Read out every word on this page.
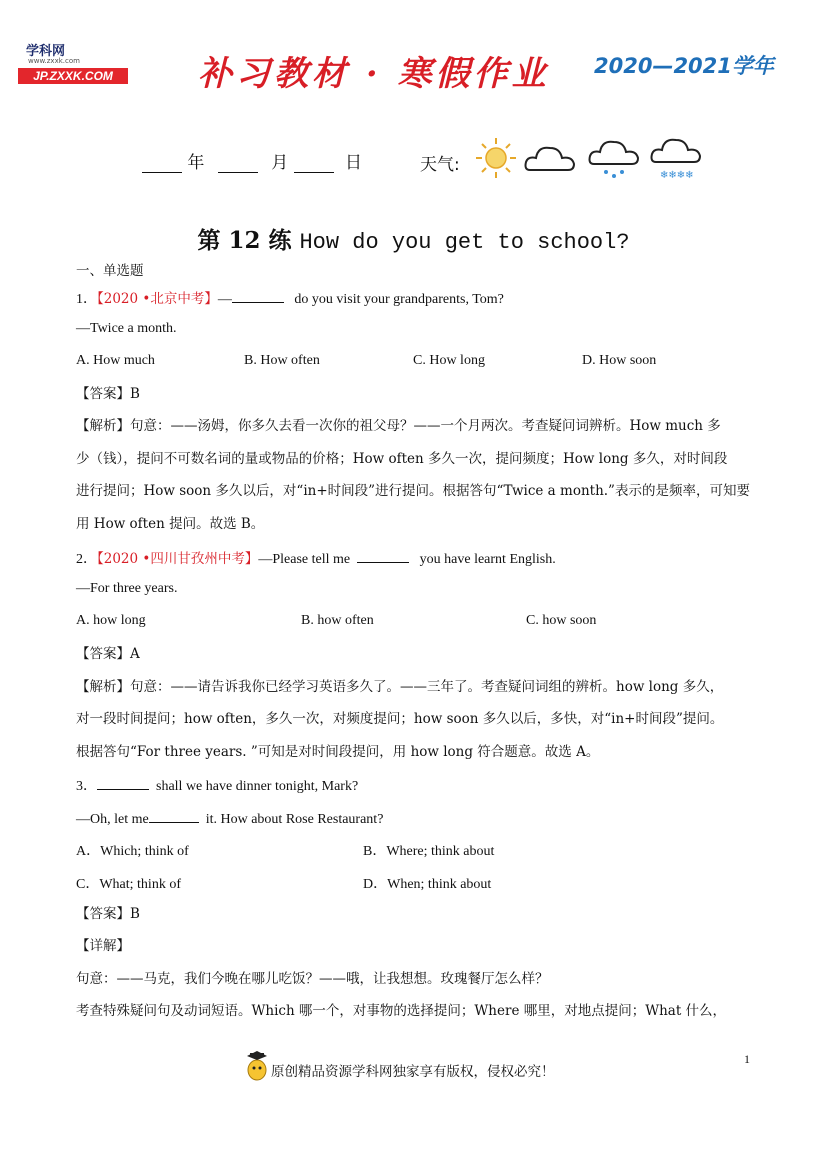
学科网
www.zxxk.com
JP.ZXXK.COM	补习教材 · 寒假作业 2020—2021学年
年	月	日	天气:
❄❄❄❄
第 12 练 How do you get to school?
一、单选题
1．【2020 •北京中考】—	do you visit your grandparents, Tom?
—Twice a month.
A. How much	B. How often	C. How long	D. How soon
【答案】B
【解析】句意：——汤姆，你多久去看一次你的祖父母？——一个月两次。考查疑问词辨析。How much 多
少（钱），提问不可数名词的量或物品的价格；How often 多久一次，提问频度；How long 多久，对时间段
进行提问；How soon 多久以后，对“in+时间段”进行提问。根据答句“Twice a month.”表示的是频率，可知要
用 How often 提问。故选 B。
2．【2020 •四川甘孜州中考】—Please tell me	you have learnt English.
—For three years.
A. how long	B. how often	C. how soon
【答案】A
【解析】句意：——请告诉我你已经学习英语多久了。——三年了。考查疑问词组的辨析。how long 多久，
对一段时间提问；how often，多久一次，对频度提问；how soon 多久以后，多快，对“in+时间段”提问。
根据答句“For three years. ”可知是对时间段提问，用 how long 符合题意。故选 A。
3．	shall we have dinner tonight, Mark?
—Oh, let me	it. How about Rose Restaurant?
A．Which; think of	B．Where; think about
C．What; think of	D．When; think about
【答案】B
【详解】
句意：——马克，我们今晚在哪儿吃饭？——哦，让我想想。玫瑰餐厅怎么样？
考查特殊疑问句及动词短语。Which 哪一个，对事物的选择提问；Where 哪里，对地点提问；What 什么，
原创精品资源学科网独家享有版权，侵权必究！
1
